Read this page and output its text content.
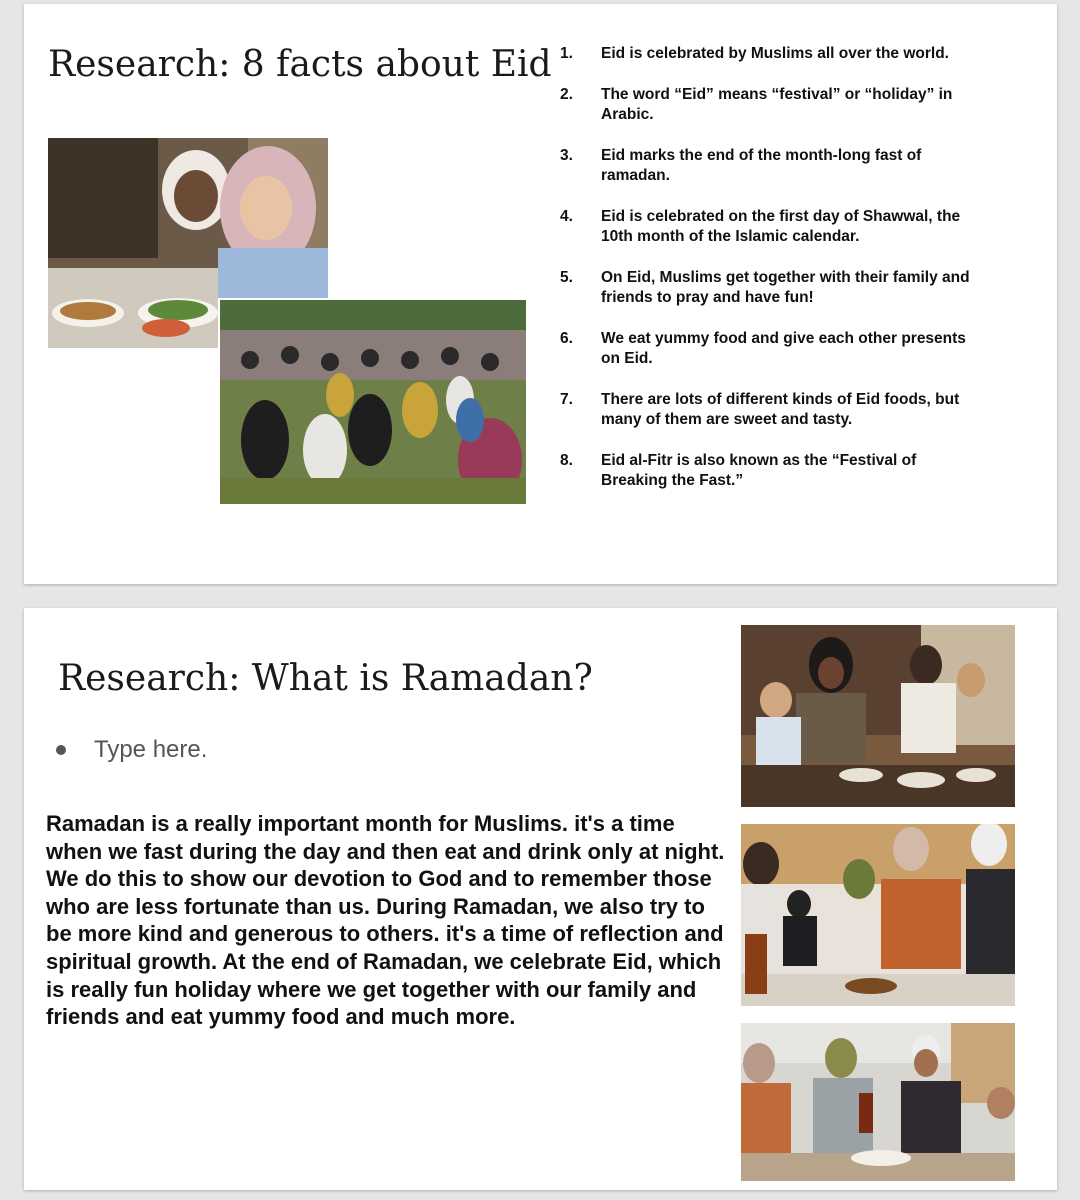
Research: 8 facts about Eid 1.	Eid is celebrated by Muslims all over the world.
2.	The word “Eid” means “festival” or “holiday” in Arabic.
3.	Eid marks the end of the month-long fast of ramadan.
4.	Eid is celebrated on the first day of Shawwal, the 10th month of the Islamic calendar.
5.	On Eid, Muslims get together with their family and friends to pray and have fun!
6.	We eat yummy food and give each other presents on Eid.
7.	There are lots of different kinds of Eid foods, but many of them are sweet and tasty.
8.	Eid al-Fitr is also known as the “Festival of Breaking the Fast.”
Research: What is Ramadan?
Type here.
Ramadan is a really important month for Muslims. it's a time when we fast during the day and then eat and drink only at night. We do this to show our devotion to God and to remember those who are less fortunate than us. During Ramadan, we also try to be more kind and generous to others. it's a time of reflection and spiritual growth. At the end of Ramadan, we celebrate Eid, which is really fun holiday where we get together with our family and friends and eat yummy food and much more.
